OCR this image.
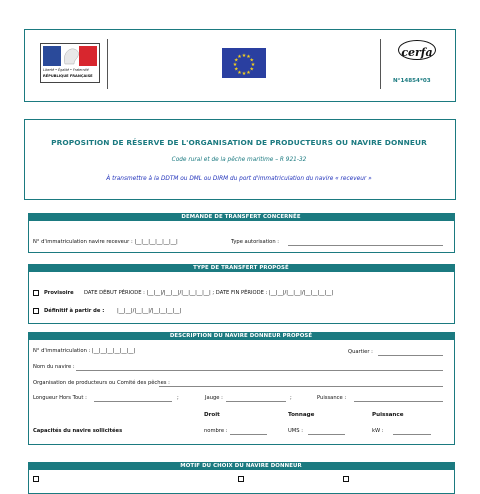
Liberté • Égalité • Fraternité
RÉPUBLIQUE FRANÇAISE
★ ★
★
★
★
★
★
★
★
★
★
★	cerfa
N°14854*03
PROPOSITION DE RÉSERVE DE L'ORGANISATION DE PRODUCTEURS OU NAVIRE DONNEUR
Code rural et de la pêche maritime – R 921-32
À transmettre à la DDTM ou DML ou DIRM du port d'immatriculation du navire « receveur »
DEMANDE DE TRANSFERT CONCERNÉE
N° d'immatriculation navire receveur : |__|__|__|__|__|__|	Type autorisation :
TYPE DE TRANSFERT PROPOSÉ
Provisoire DATE DÉBUT PÉRIODE : |__|__|/|__|__|/|__|__|__|__| ; DATE FIN PÉRIODE : |__|__|/|__|__|/|__|__|__|__|
Définitif à partir de : |__|__|/|__|__|/|__|__|__|__|
DESCRIPTION DU NAVIRE DONNEUR PROPOSÉ
N° d'immatriculation : |__|__|__|__|__|__|	Quartier :
Nom du navire :
Organisation de producteurs ou Comité des pêches :
Longueur Hors Tout :	;	Jauge :	;	Puissance :
Droit	Tonnage	Puissance
Capacités du navire sollicitées	nombre :	UMS :	kW :
MOTIF DU CHOIX DU NAVIRE DONNEUR
